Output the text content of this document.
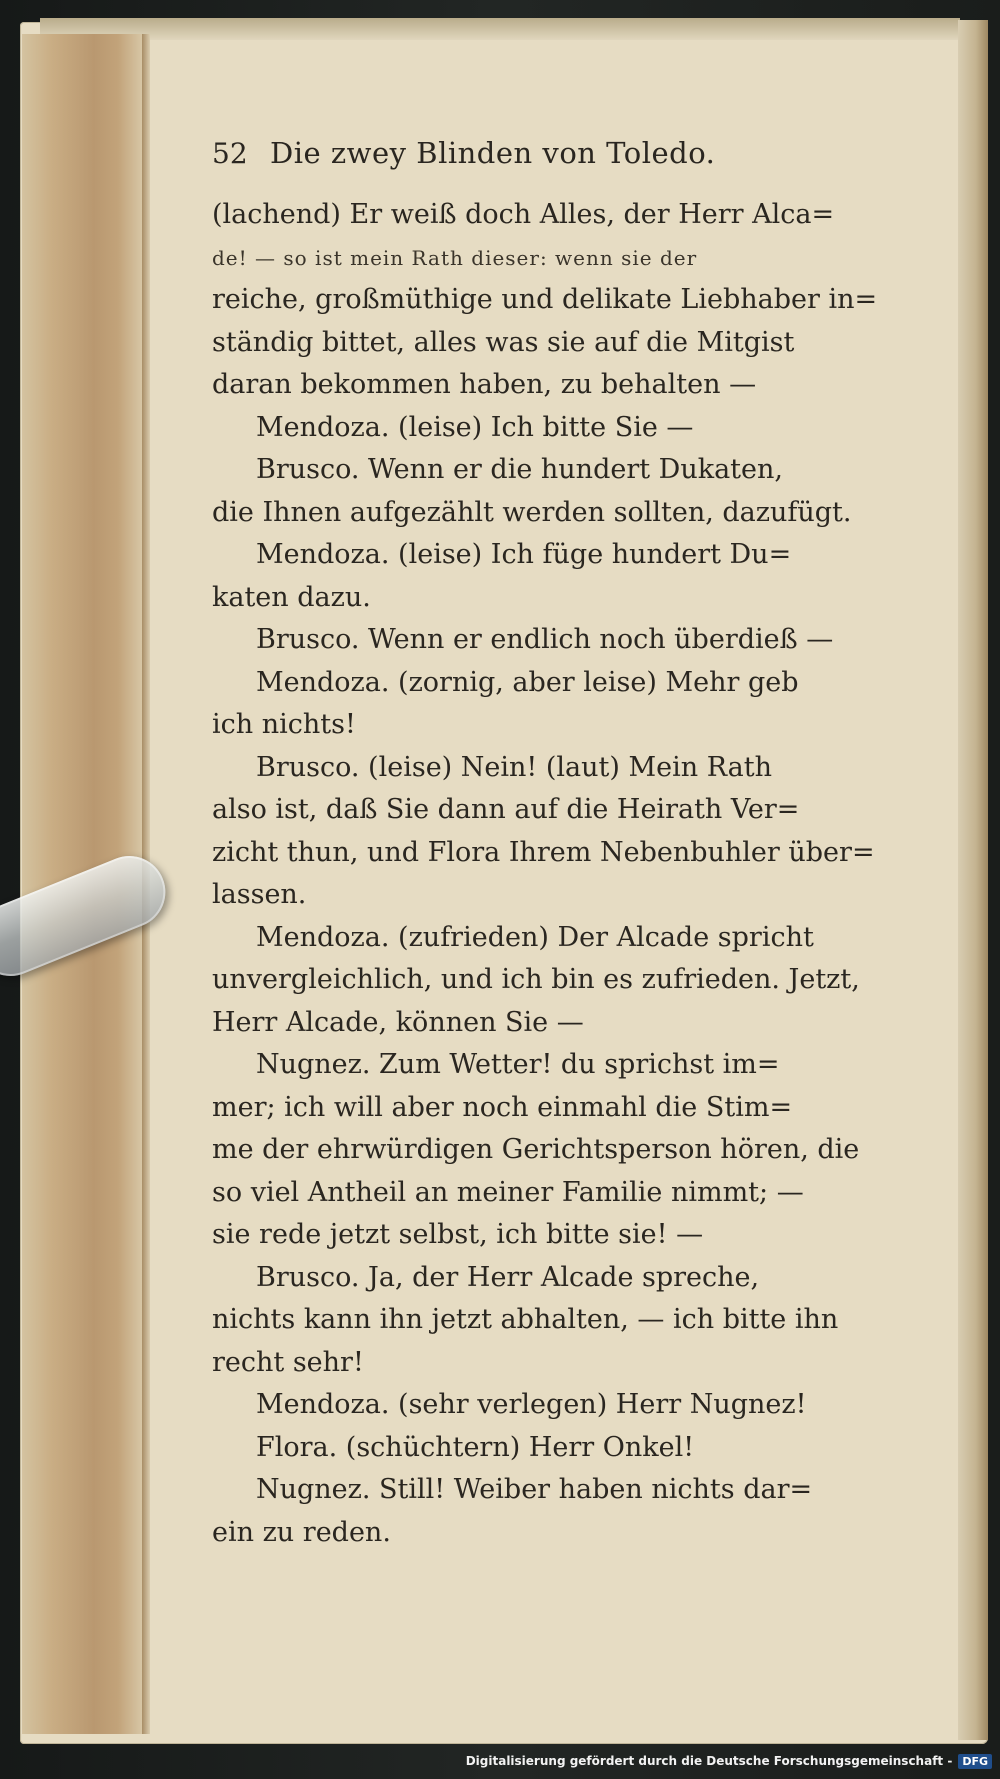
52 Die zwey Blinden von Toledo.
(lachend) Er weiß doch Alles, der Herr Alca=
de! — so ist mein Rath dieser: wenn sie der
reiche, großmüthige und delikate Liebhaber in=
ständig bittet, alles was sie auf die Mitgist
daran bekommen haben, zu behalten —
Mendoza. (leise) Ich bitte Sie —
Brusco. Wenn er die hundert Dukaten,
die Ihnen aufgezählt werden sollten, dazufügt.
Mendoza. (leise) Ich füge hundert Du=
katen dazu.
Brusco. Wenn er endlich noch überdieß —
Mendoza. (zornig, aber leise) Mehr geb
ich nichts!
Brusco. (leise) Nein! (laut) Mein Rath
also ist, daß Sie dann auf die Heirath Ver=
zicht thun, und Flora Ihrem Nebenbuhler über=
lassen.
Mendoza. (zufrieden) Der Alcade spricht
unvergleichlich, und ich bin es zufrieden. Jetzt,
Herr Alcade, können Sie —
Nugnez. Zum Wetter! du sprichst im=
mer; ich will aber noch einmahl die Stim=
me der ehrwürdigen Gerichtsperson hören, die
so viel Antheil an meiner Familie nimmt; —
sie rede jetzt selbst, ich bitte sie! —
Brusco. Ja, der Herr Alcade spreche,
nichts kann ihn jetzt abhalten, — ich bitte ihn
recht sehr!
Mendoza. (sehr verlegen) Herr Nugnez!
Flora. (schüchtern) Herr Onkel!
Nugnez. Still! Weiber haben nichts dar=
ein zu reden.
Digitalisierung gefördert durch die Deutsche Forschungsgemeinschaft - DFG
